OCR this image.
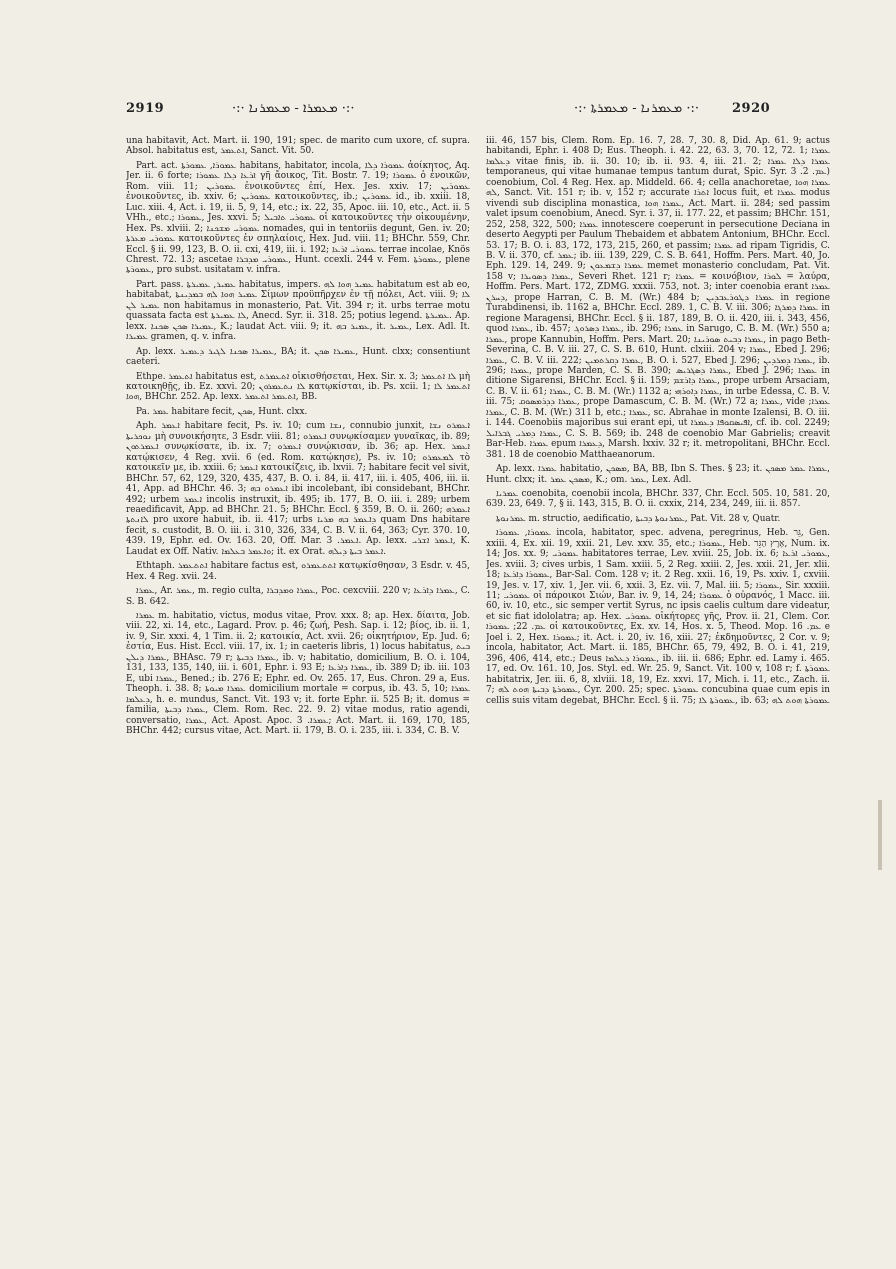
2919	·:· ܡܥܡܪܐ - ܡܥܡܪܢܐ ·:·	·:· ܡܥܡܪܢܐ - ܡܥܡܪܬܐ ·:·	2920

una habitavit, Act. Mart. ii. 190, 191; spec. de marito cum uxore, cf. supra. Absol. habitatus est, ܐܬܥܡܪ, Sanct. Vit. 50.

Part. act. ܥܡܘܪܐ, ܥܡܘܪܬܐ habitans, habitator, incola, ܥܡܘܪܐ ܕܠܐ ἀοίκητος, Aq. Jer. ii. 6 forte; ܐܪܥܐ ܕܠܐ ܥܡܘܪܐ γῆ ἄοικος, Tit. Bostr. 7. 19; ܥܡܘܪܐ ὁ ἐνοικῶν, Rom. viii. 11; ܥܡܘܪܝܢ ἐνοικοῦντες ἐπί, Hex. Jes. xxiv. 17; ܥܡܘܪܝܢ ἐνοικοῦντες, ib. xxiv. 6; ܥܡܘܪܝܢ κατοικοῦντες, ib.; ܥܡܘܪܝܢ id., ib. xxiii. 18, Luc. xiii. 4, Act. i. 19, ii. 5, 9, 14, etc.; ix. 22, 35, Apoc. iii. 10, etc., Act. ii. 5 VHh., etc.; ܥܡܘܪܐ, Jes. xxvi. 5; ܥܡܘܪܝ ܬܐܒܝܠ οἱ κατοικοῦντες τὴν οἰκουμένην, Hex. Ps. xlviii. 2; ܥܡܘܪܝ ܡܫܟܢܐ nomades, qui in tentoriis degunt, Gen. iv. 20; ܥܡܘܪܝ ܡܥܪܬܐ κατοικοῦντες ἐν σπηλαίοις, Hex. Jud. viii. 11; BHChr. 559, Chr. Eccl. § ii. 99, 123, B. O. ii. cxi, 419, iii. i. 192; ܥܡܘܪܝ ܐܪܥܐ terrae incolae, Knös Chrest. 72. 13; ascetae ܥܡܘܪܝ ܡܕܒܪܐ, Hunt. ccexli. 244 v. Fem. ܥܡܘܪܬܐ, plene ܥܡܘܪܬܐ, pro subst. usitatam v. infra.

Part. pass. ܥܡܝܪ, ܥܡܝܪܬܐ habitatus, impers. ܥܡܝܪ ܗܘܐ ܠܗ habitatum est ab eo, habitabat, ܥܡܝܪ ܗܘܐ ܠܗ ܒܡܕܝܢܬܐ Σίμων προϋπῆρχεν ἐν τῇ πόλει, Act. viii. 9; ܠܐ ܥܡܝܪ ܠܢ non habitamus in monasterio, Pat. Vit. 394 r; it. urbs terrae motu quassata facta est ܠܐ ܥܡܝܪܬܐ, Anecd. Syr. ii. 318. 25; potius legend. ܥܡܝܪܬܐ. Ap. lexx. ܥܡܝܪܐ ܣܟܢ ܣܟܢܐ, K.; laudat Act. viii. 9; it. ܥܡܝܪ ܒܗ, it. ܥܡܝܪ, Lex. Adl. It. ܥܡܝܪܐ gramen, q. v. infra.

Ap. lexx. ܥܡܝܪܐ ܣܟܢܐ ܠܓܝܪ ܕܥܡܝܪ, BA; it. ܥܡܝܪܐ ܣܟܢ, Hunt. clxx; consentiunt caeteri.

Ethpe. ܐܬܥܡܪ habitatus est, ܐܬܥܡܪܬ οἰκισθήσεται, Hex. Sir. x. 3; ܠܐ ܐܬܥܡܪ μὴ κατοικηθῇς, ib. Ez. xxvi. 20; ܠܐ ܢܬܥܡܪܘܢ κατῳκίσται, ib. Ps. xcii. 1; ܐܬܥܡܪ ܠܐ ܗܘܐ, BHChr. 252. Ap. lexx. ܐܬܥܡܪ ܐܬܥܡܪ, BB.

Pa. ܥܡܪ habitare fecit, ܣܟܢ, Hunt. clxx.

Aph. ܐܥܡܪ habitare fecit, Ps. iv. 10; cum ܢܫܐ, connubio junxit, ܐܥܡܪܘ ܢܫܐ ܢܘܟܪܝܬܐ μὴ συνοικήσητε, 3 Esdr. viii. 81; ܐܥܡܪܘ συνῳκίσαμεν γυναῖκας, ib. 89; ܐܥܡܪܬܘܢ συνῳκίσατε, ib. ix. 7; ܐܥܡܪܘ συνῴκισαν, ib. 36; ap. Hex. ܐܥܡܪ κατῴκισεν, 4 Reg. xvii. 6 (ed. Rom. κατῴκησε), Ps. iv. 10; ܠܡܥܡܪܘ τὸ κατοικεῖν με, ib. xxiii. 6; ܐܥܡܪ κατοικίζεις, ib. lxvii. 7; habitare fecit vel sivit, BHChr. 57, 62, 129, 320, 435, 437, B. O. i. 84, ii. 417, iii. i. 405, 406, iii. ii. 41, App. ad BHChr. 46. 3; ܐܥܡܪܘ ܒܗ ibi incolebant, ibi considebant, BHChr. 492; urbem ܐܥܡܪ incolis instruxit, ib. 495; ib. 177, B. O. iii. i. 289; urbem reaedificavit, App. ad BHChr. 21. 5; BHChr. Eccl. § 359, B. O. ii. 260; ܐܥܡܪܗ ܠܐܢܬܬܐ pro uxore habuit, ib. ii. 417; urbs ܕܐܥܡܪ ܒܗ ܡܪܝܐ quam Dns habitare fecit, s. custodit, B. O. iii. i. 310, 326, 334, C. B. V. ii. 64, 363; Cyr. 370. 10, 439. 19, Ephr. ed. Ov. 163. 20, Off. Mar. ܐܥܡܪ. 3. Ap. lexx. ܐܥܡܪ ܐܫܪܝ, K. Laudat ex Off. Nativ. ܘܐܥܡܪ ܒܥܠܡܐ; it. ex Orat. ܐܥܡܪ ܒܝܬܐ ܕܝܠܗ.

Ethtaph. ܐܬܬܥܡܪ habitare factus est, ܐܬܬܥܡܪܘ κατῳκίσθησαν, 3 Esdr. v. 45, Hex. 4 Reg. xvii. 24.

ܥܡܪܐ, Ar. ܥܡܪ, m. regio culta, ܥܡܪܐ ܘܡܕܒܪܐ, Poc. cexcviii. 220 v; ܥܡܪܐ ܕܐܪܥܐ, C. S. B. 642.

ܥܡܪܐ m. habitatio, victus, modus vitae, Prov. xxx. 8; ap. Hex. δίαιτα, Job. viii. 22, xi. 14, etc., Lagard. Prov. p. 46; ζωή, Pesh. Sap. i. 12; βίος, ib. ii. 1, iv. 9, Sir. xxxi. 4, 1 Tim. ii. 2; κατοικία, Act. xvii. 26; οἰκητήριον, Ep. Jud. 6; ἑστία, Eus. Hist. Eccl. viii. 17, ix. 1; in caeteris libris, 1) locus habitatus, ܒܝܬ ܥܡܪܐ ܕܝܠܢ, BHAsc. 79 r; ܥܡܪܐ ܕܒܝܬܐ, ib. v; habitatio, domicilium, B. O. i. 104, 131, 133, 135, 140, iii. i. 601, Ephr. i. 93 E; ܥܡܪܐ ܕܐܪܥܐ, ib. 389 D; ib. iii. 103 E, ubi ܥܡܪܐ, Bened.; ib. 276 E; Ephr. ed. Ov. 265. 17, Eus. Chron. 29 a, Eus. Theoph. i. 38. 8; ܥܡܪܐ ܡܝܘܬܐ domicilium mortale = corpus, ib. 43. 5, 10; ܥܡܪܐ ܕܥܠܡܐ, h. e. mundus, Sanct. Vit. 193 v; it. forte Ephr. ii. 525 B; it. domus = familia, ܥܡܪܐ ܕܒܝܬܐ, Clem. Rom. Rec. 22. 9. 2) vitae modus, ratio agendi, conversatio, ܥܡܪܐ, Act. Apost. Apoc. ܥܡܪܐ. 3; Act. Mart. ii. 169, 170, 185, BHChr. 442; cursus vitae, Act. Mart. ii. 179, B. O. i. 235, iii. i. 334, C. B. V.

iii. 46, 157 bis, Clem. Rom. Ep. 16. 7, 28. 7, 30. 8, Did. Ap. 61. 9; actus habitandi, Ephr. i. 408 D; Eus. Theoph. i. 42. 22, 63. 3, 70. 12, 72. 1; ܥܡܪܐ ܕܥܠܡܐ vitae finis, ib. ii. 30. 10; ib. ii. 93. 4, iii. 21. 2; ܥܡܪܐ ܕܠܐ ܥܡܪܐ temporaneus, qui vitae humanae tempus tantum durat, Spic. Syr. ܥܡ. 2. 3) coenobium, Col. 4 Reg. Hex. ap. Middeld. 66. 4; cella anachoretae, ܥܡܪܐ ܗܘܐ ܠܗ, Sanct. Vit. 151 r; ib. v, 152 r; accurate ܐܬܪܐ locus fuit, et ܥܡܪܐ modus vivendi sub disciplina monastica, ܥܡܪܐ ܗܘܐ, Act. Mart. ii. 284; sed passim valet ipsum coenobium, Anecd. Syr. i. 37, ii. 177. 22, et passim; BHChr. 151, 252, 258, 322, 500; ܥܡܪܐ innotescere coeperunt in persecutione Deciana in deserto Aegypti per Paulum Thebaidem et abbatem Antonium, BHChr. Eccl. 53. 17; B. O. i. 83, 172, 173, 215, 260, et passim; ܥܡܪܐ ad ripam Tigridis, C. B. V. ii. 370, cf. ܥܡܪ; ib. iii. 139, 229, C. S. B. 641, Hoffm. Pers. Mart. 40, Jo. Eph. 129. 14, 249. 9; ܥܡܪܐ ܕܫܡܥܘܢ memet monasterio concludam, Pat. Vit. 158 v; ܥܡܪܐ ܕܣܘܝܪܐ, Severi Rhet. 121 r; ܥܡܪܐ = κοινόβιον, ܠܘܪܐ = λαύρα, Hoffm. Pers. Mart. 172, ZDMG. xxxii. 753, not. 3; inter coenobia erant ܥܡܪܐ ܕܚܪܢ, prope Harran, C. B. M. (Wr.) 484 b; ܥܡܪܐ ܕܛܘܪܥܒܕܝܢ in regione Turabdinensi, ib. 1162 a, BHChr. Eccl. 289. 1, C. B. V. iii. 306; ܥܡܪܐ ܕܡܪܓܐ in regione Maragensi, BHChr. Eccl. § ii. 187, 189, B. O. ii. 420, iii. i. 343, 456, quod ܥܡܪܐ, ib. 457; ܥܡܪܐ ܕܣܪܘܓ, ib. 296; ܥܡܪܐ in Sarugo, C. B. M. (Wr.) 550 a; ܥܡܪܐ, prope Kannubin, Hoffm. Pers. Mart. 20; ܥܡܪܐ ܕܒܝܬ ܣܘܪܝܢܐ, in pago Beth-Severina, C. B. V. iii. 27, C. S. B. 610, Hunt. clxiii. 204 v; ܥܡܪܐ, Ebed J. 296; ܥܡܪܐ, C. B. V. iii. 222; ܥܡܪܐ ܕܩܪܬܡܝܢ, B. O. i. 527, Ebed J. 296; ܥܡܪܐ ܕܡܪܕܝܢ, ib. 296; ܥܡܪܐ, prope Marden, C. S. B. 390; ܥܡܪܐ ܕܣܓܪܝܣ, Ebed J. 296; ܥܡܪܐ in ditione Sigarensi, BHChr. Eccl. § ii. 159; ܥܡܪܐ ܕܐܪܫܡ, prope urbem Arsaciam, C. B. V. ii. 61; ܥܡܪܐ, C. B. M. (Wr.) 1132 a; ܥܡܪܐ ܕܐܘܪܗܝ, in urbe Edessa, C. B. V. iii. 75; ܥܡܪܐ ܕܕܪܡܣܘܩ, prope Damascum, C. B. M. (Wr.) 72 a; ܥܡܪܐ, vide ܥܡܪܐ; ܥܡܪܐ, C. B. M. (Wr.) 311 b, etc.; ܥܡܪܐ, sc. Abrahae in monte Izalensi, B. O. iii. i. 144. Coenobiis majoribus sui erant epi, ut ܐܦܝܣܩܘܦܐ ܕܥܡܪܐ, cf. ib. col. 2249; ܥܡܪܐ ܕܡܪܝ ܓܒܪܐܝܠ, C. S. B. 569; ib. 248 de coenobio Mar Gabrielis; creavit Bar-Heb. ܥܡܪܐ epum ܕܥܡܪܐ, Marsh. lxxiv. 32 r; it. metropolitani, BHChr. Eccl. 381. 18 de coenobio Matthaeanorum.

Ap. lexx. ܥܡܪܐ habitatio, ܡܣܟܢ, BA, BB, Ibn S. Thes. § 23; it. ܥܡܪܐ ܥܡܪ ܡܣܟܢ, Hunt. clxx; it. ܡܣܟܢ ܥܡܪ, K.; om. ܥܡܪ, Lex. Adl.

ܥܡܪܝܐ coenobita, coenobii incola, BHChr. 337, Chr. Eccl. 505. 10, 581. 20, 639. 23, 649. 7, § ii. 143, 315, B. O. ii. cxxix, 214, 234, 249, iii. ii. 857.

ܥܡܪܢܘܬܐ m. structio, aedificatio, ܥܡܪܢܘܬܐ ܕܒܝܬܐ, Pat. Vit. 28 v, Quatr.

ܥܡܘܪܐ, ܥܡܘܪܐ incola, habitator, spec. advena, peregrinus, Heb. גֵּר, Gen. xxiii. 4, Ex. xii. 19, xxii. 21, Lev. xxv. 35, etc.; ܥܡܘܪܐ, Heb. אֶרֶץ הַגֵּר, Num. ix. 14; Jos. xx. 9; ܥܡܘܪܝ habitatores terrae, Lev. xviii. 25, Job. ix. 6; ܥܡܘܪܝ ܐܪܥܐ, Jes. xviii. 3; cives urbis, 1 Sam. xxiii. 5, 2 Reg. xxiii. 2, Jes. xxii. 21, Jer. xlii. 18; ܥܡܘܪܐ ܕܐܪܥܐ, Bar-Sal. Com. 128 v; it. 2 Reg. xxii. 16, 19, Ps. xxiv. 1, cxviii. 19, Jes. v. 17, xiv. 1, Jer. vii. 6, xxii. 3, Ez. vii. 7, Mal. iii. 5; ܥܡܘܪܐ, Sir. xxxiii. 11; ܥܡܘܪܝ οἱ πάροικοι Σιών, Bar. iv. 9, 14, 24; ܥܡܘܪܐ ὁ οὐρανός, 1 Macc. iii. 60, iv. 10, etc., sic semper vertit Syrus, nc ipsis caelis cultum dare videatur, et sic fiat idololatra; ap. Hex. ܥܡܘܪܝ οἰκήτορες γῆς, Prov. ii. 21, Clem. Cor. ܥܡ. 22; ܥܡܘܪܐ οἱ κατοικοῦντες, Ex. xv. 14, Hos. x. 5, Theod. Mop. ܥܡ. 16 e Joel i. 2, Hex. ܥܡܘܪܐ; it. Act. i. 20, iv. 16, xiii. 27; ἐκδημοῦντες, 2 Cor. v. 9; incola, habitator, Act. Mart. ii. 185, BHChr. 65, 79, 492, B. O. i. 41, 219, 396, 406, 414, etc.; Deus ܥܡܘܪܐ ܕܥܠܡܐ, ib. iii. ii. 686; Ephr. ed. Lamy i. 465. 17, ed. Ov. 161. 10, Jos. Styl. ed. Wr. 25. 9, Sanct. Vit. 100 v, 108 r; f. ܥܡܘܪܬܐ habitatrix, Jer. iii. 6, 8, xlviii. 18, 19, Ez. xxvi. 17, Mich. i. 11, etc., Zach. ii. 7; ܥܡܘܪܬܐ ܕܒܝܬܐ ܗܘܬ ܠܗ, Cyr. 200. 25; spec. ܥܡܘܪܬܐ concubina quae cum epis in cellis suis vitam degebat, BHChr. Eccl. § ii. 75; ܥܡܘܪܬܐ ܠܐ, ib. 63; ܥܡܘܪܬܐ ܗܘܬ ܠܗ
